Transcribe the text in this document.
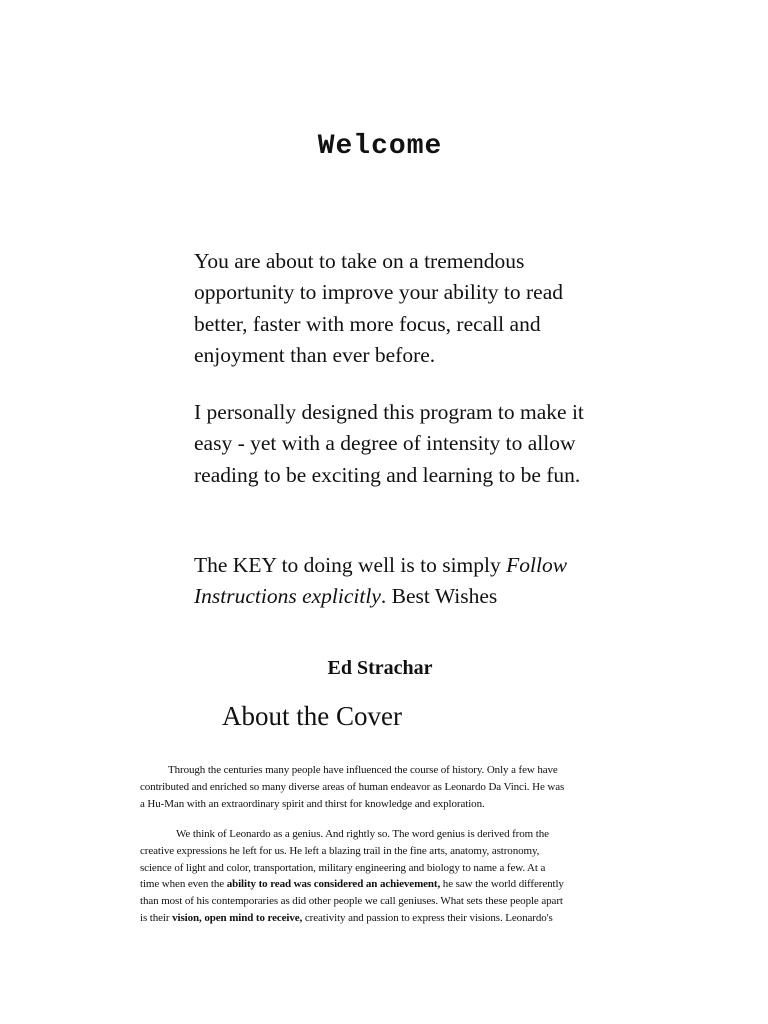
Welcome

You are about to take on a tremendous opportunity to improve your ability to read better, faster with more focus, recall and enjoyment than ever before.

I personally designed this program to make it easy - yet with a degree of intensity to allow reading to be exciting and learning to be fun.

The KEY to doing well is to simply Follow Instructions explicitly. Best Wishes

Ed Strachar

About the Cover

Through the centuries many people have influenced the course of history. Only a few have
contributed and enriched so many diverse areas of human endeavor as Leonardo Da Vinci. He was
a Hu-Man with an extraordinary spirit and thirst for knowledge and exploration.

We think of Leonardo as a genius. And rightly so. The word genius is derived from the
creative expressions he left for us. He left a blazing trail in the fine arts, anatomy, astronomy,
science of light and color, transportation, military engineering and biology to name a few. At a
time when even the ability to read was considered an achievement, he saw the world differently
than most of his contemporaries as did other people we call geniuses. What sets these people apart
is their vision, open mind to receive, creativity and passion to express their visions. Leonardo's
